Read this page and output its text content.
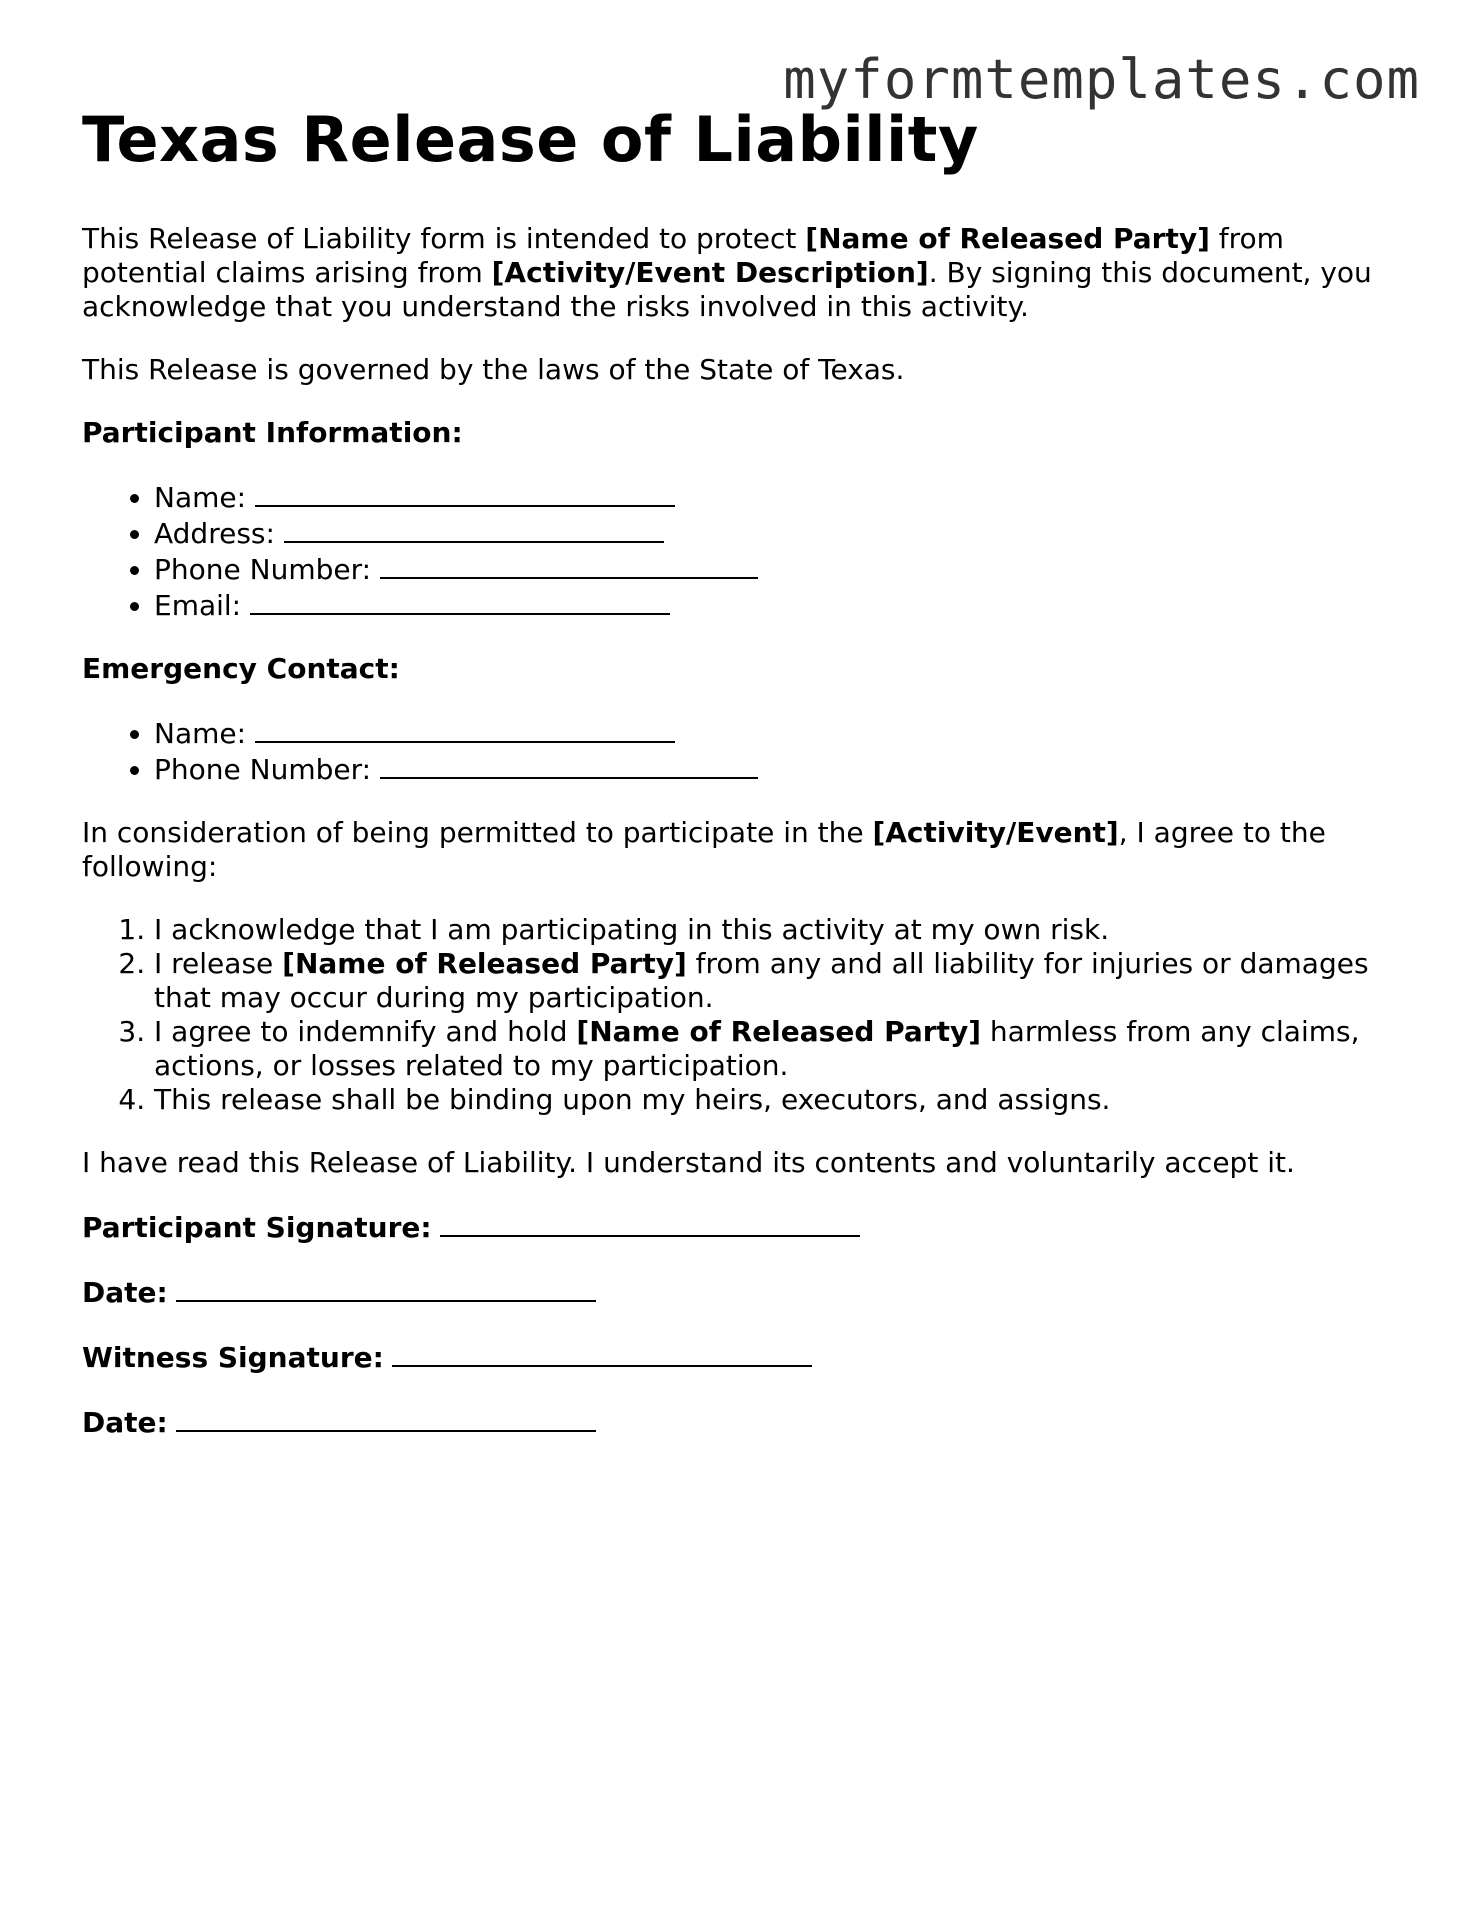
myformtemplates.com
Texas Release of Liability

This Release of Liability form is intended to protect [Name of Released Party] from potential claims arising from [Activity/Event Description]. By signing this document, you acknowledge that you understand the risks involved in this activity.

This Release is governed by the laws of the State of Texas.

Participant Information:
• Name:
• Address:
• Phone Number:
• Email:
Emergency Contact:
• Name:
• Phone Number:

In consideration of being permitted to participate in the [Activity/Event], I agree to the following:

1. I acknowledge that I am participating in this activity at my own risk.
2. I release [Name of Released Party] from any and all liability for injuries or damages that may occur during my participation.
3. I agree to indemnify and hold [Name of Released Party] harmless from any claims, actions, or losses related to my participation.
4. This release shall be binding upon my heirs, executors, and assigns.

I have read this Release of Liability. I understand its contents and voluntarily accept it.

Participant Signature:
Date:
Witness Signature:
Date:
